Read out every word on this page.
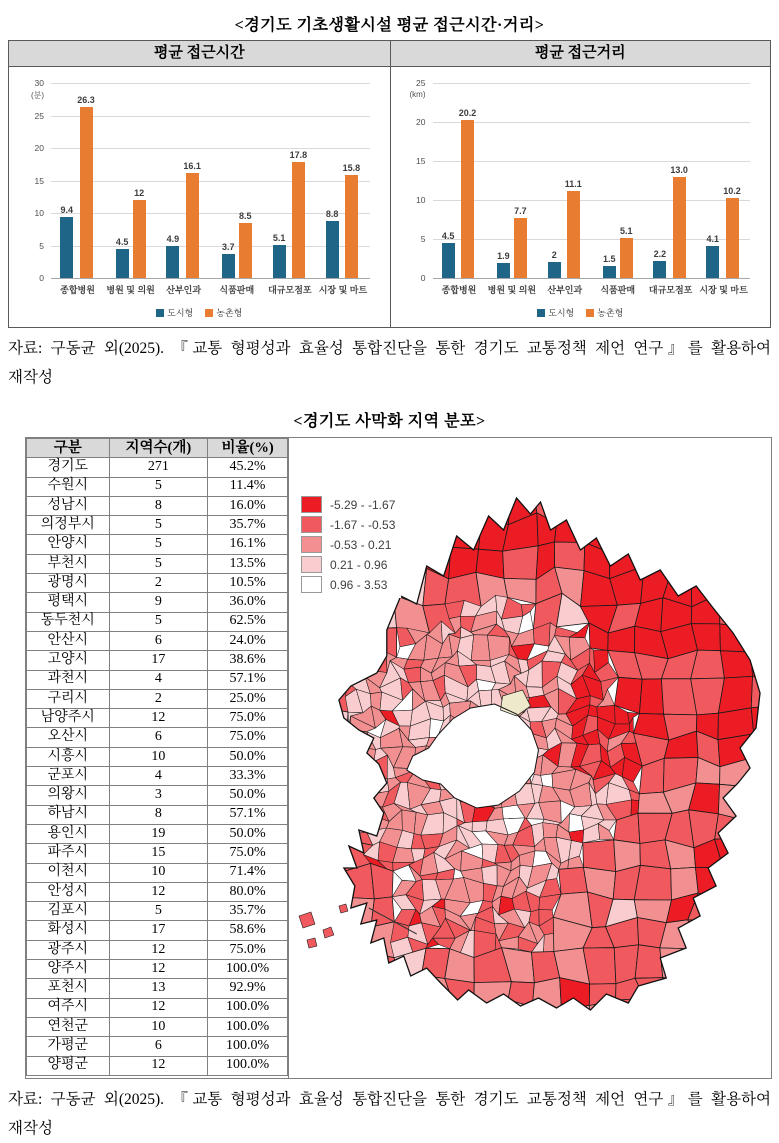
<경기도 기초생활시설 평균 접근시간·거리>
평균 접근시간
0
5
10
15
20
25
30
(분)
9.4
26.3
4.5
12
4.9
16.1
3.7
8.5
5.1
17.8
8.8
15.8
종합병원	병원 및 의원	산부인과	식품판매	대규모점포 시장 및 마트
도시형	농촌형
평균 접근거리
0
5
10
15
20
25
(km)
4.5
20.2
1.9
7.7
2
11.1
1.5
5.1
2.2
13.0
4.1
10.2
종합병원	병원 및 의원	산부인과	식품판매	대규모점포 시장 및 마트
도시형	농촌형
자료: 구동균 외(2025). 『교통 형평성과 효율성 통합진단을 통한 경기도 교통정책 제언 연구』를 활용하여
재작성
<경기도 사막화 지역 분포>
구분	지역수(개)	비율(%)
경기도	271	45.2%
수원시	5	11.4%
성남시	8	16.0%
의정부시	5	35.7%
안양시	5	16.1%
부천시	5	13.5%
광명시	2	10.5%
평택시	9	36.0%
동두천시	5	62.5%
안산시	6	24.0%
고양시	17	38.6%
과천시	4	57.1%
구리시	2	25.0%
남양주시	12	75.0%
오산시	6	75.0%
시흥시	10	50.0%
군포시	4	33.3%
의왕시	3	50.0%
하남시	8	57.1%
용인시	19	50.0%
파주시	15	75.0%
이천시	10	71.4%
안성시	12	80.0%
김포시	5	35.7%
화성시	17	58.6%
광주시	12	75.0%
양주시	12	100.0%
포천시	13	92.9%
여주시	12	100.0%
연천군	10	100.0%
가평군	6	100.0%
양평군	12	100.0%
-5.29 - -1.67
-1.67 - -0.53
-0.53 - 0.21
0.21 - 0.96
0.96 - 3.53
자료: 구동균 외(2025). 『교통 형평성과 효율성 통합진단을 통한 경기도 교통정책 제언 연구』를 활용하여
재작성
